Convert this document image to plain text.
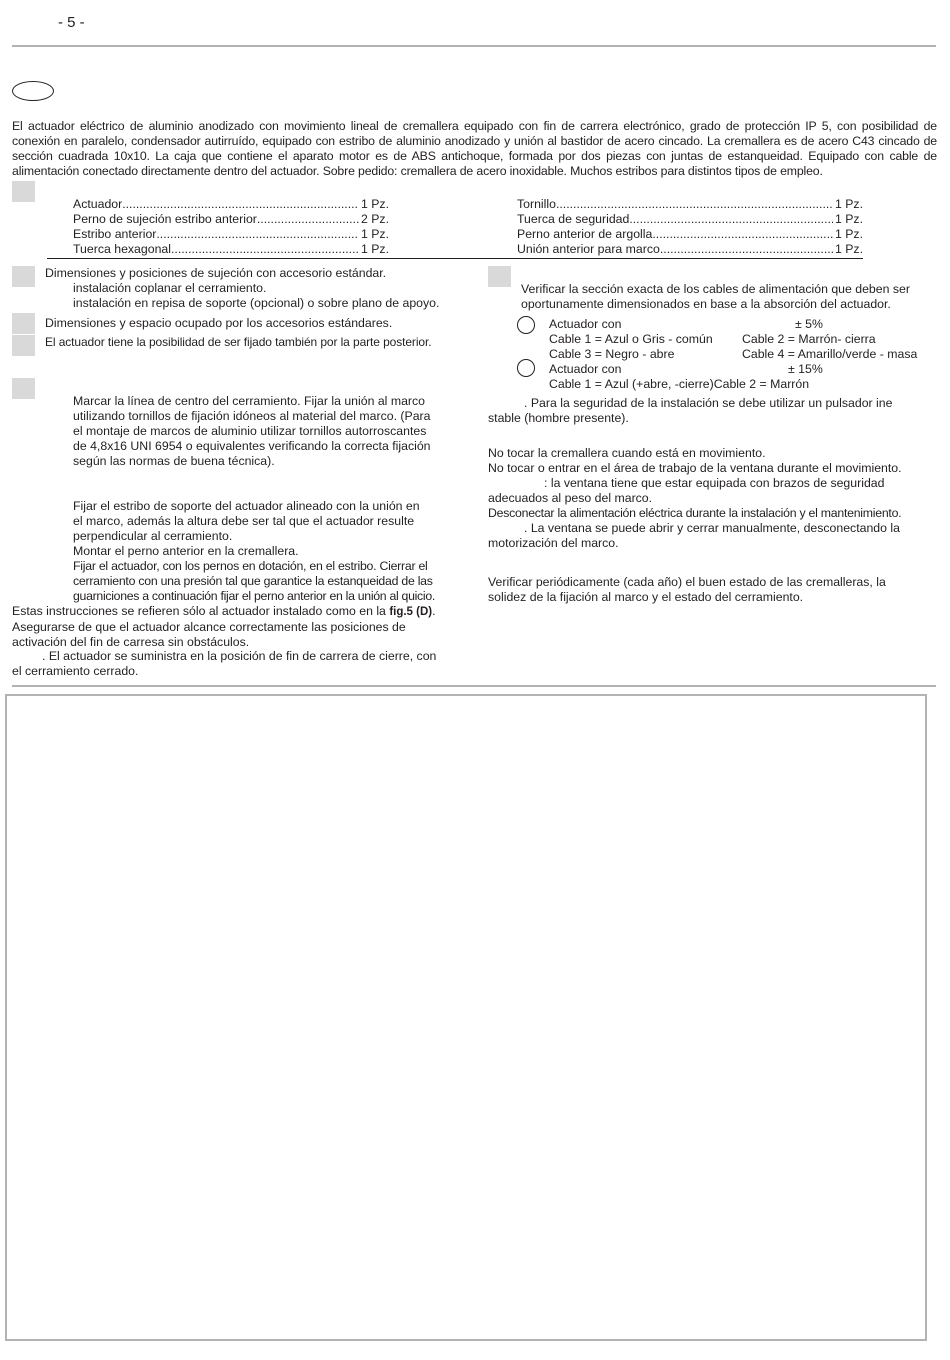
- 5 -
El actuador eléctrico de aluminio anodizado con movimiento lineal de cremallera equipado con fin de carrera electrónico, grado de protección IP 5, con posibilidad de conexión en paralelo, condensador autirruído, equipado con estribo de aluminio anodizado y unión al bastidor de acero cincado. La cremallera es de acero C43 cincado de sección cuadrada 10x10. La caja que contiene el aparato motor es de ABS antichoque, formada por dos piezas con juntas de estanqueidad. Equipado con cable de alimentación conectado directamente dentro del actuador. Sobre pedido: cremallera de acero inoxidable. Muchos estribos para distintos tipos de empleo.
Actuador .....	1 Pz.
Perno de sujeción estribo anterior .....	2 Pz.
Estribo anterior .....	1 Pz.
Tuerca hexagonal .....	1 Pz.
Tornillo .....	1 Pz.
Tuerca de seguridad .....	1 Pz.
Perno anterior de argolla .....	1 Pz.
Unión anterior para marco .....	1 Pz.
Dimensiones y posiciones de sujeción con accesorio estándar.
instalación coplanar el cerramiento.
instalación en repisa de soporte (opcional) o sobre plano de apoyo.
Dimensiones y espacio ocupado por los accesorios estándares.
El actuador tiene la posibilidad de ser fijado también por la parte posterior.
Marcar la línea de centro del cerramiento. Fijar la unión al marco
utilizando tornillos de fijación idóneos al material del marco. (Para
el montaje de marcos de aluminio utilizar tornillos autorroscantes
de 4,8x16 UNI 6954 o equivalentes verificando la correcta fijación
según las normas de buena técnica).
Fijar el estribo de soporte del actuador alineado con la unión en
el marco, además la altura debe ser tal que el actuador resulte
perpendicular al cerramiento.
Montar el perno anterior en la cremallera.
Fijar el actuador, con los pernos en dotación, en el estribo. Cierrar el
cerramiento con una presión tal que garantice la estanqueidad de las
guarniciones a continuación fijar el perno anterior en la unión al quicio.
Estas instrucciones se refieren sólo al actuador instalado como en la fig.5 (D).
Asegurarse de que el actuador alcance correctamente las posiciones de
activación del fin de carresa sin obstáculos.
. El actuador se suministra en la posición de fin de carrera de cierre, con
el cerramiento cerrado.
Verificar la sección exacta de los cables de alimentación que deben ser
oportunamente dimensionados en base a la absorción del actuador.
Actuador con	± 5%
Cable 1 = Azul o Gris - común	Cable 2 = Marrón- cierra
Cable 3 = Negro - abre	Cable 4 = Amarillo/verde - masa
Actuador con	± 15%
Cable 1 = Azul (+abre, -cierre) Cable 2 = Marrón
. Para la seguridad de la instalación se debe utilizar un pulsador ine
stable (hombre presente).
No tocar la cremallera cuando está en movimiento.
No tocar o entrar en el área de trabajo de la ventana durante el movimiento.
: la ventana tiene que estar equipada con brazos de seguridad
adecuados al peso del marco.
Desconectar la alimentación eléctrica durante la instalación y el mantenimiento.
. La ventana se puede abrir y cerrar manualmente, desconectando la
motorización del marco.
Verificar periódicamente (cada año) el buen estado de las cremalleras, la
solidez de la fijación al marco y el estado del cerramiento.
